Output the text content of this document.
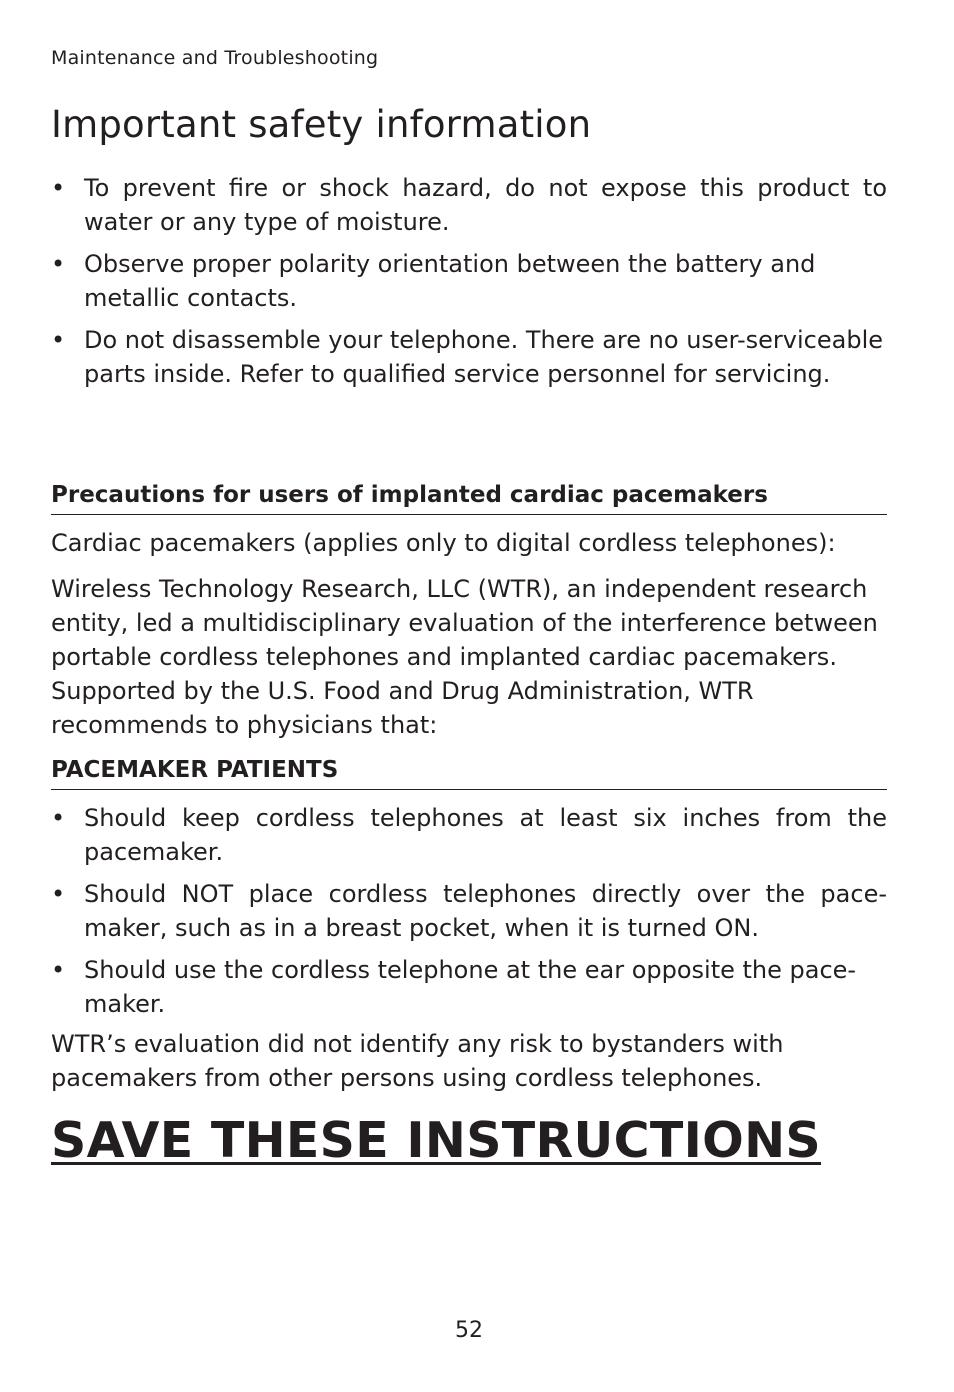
Maintenance and Troubleshooting
Important safety information
• To prevent fire or shock hazard, do not expose this product to water or any type of moisture.
• Observe proper polarity orientation between the battery and metallic contacts.
• Do not disassemble your telephone. There are no user-serviceable parts inside. Refer to qualified service personnel for servicing.
Precautions for users of implanted cardiac pacemakers

Cardiac pacemakers (applies only to digital cordless telephones):

Wireless Technology Research, LLC (WTR), an independent research entity, led a multidisciplinary evaluation of the interference between portable cordless telephones and implanted cardiac pacemakers. Supported by the U.S. Food and Drug Administration, WTR recommends to physicians that:

PACEMAKER PATIENTS
• Should keep cordless telephones at least six inches from the pacemaker.
• Should NOT place cordless telephones directly over the pace-maker, such as in a breast pocket, when it is turned ON.
• Should use the cordless telephone at the ear opposite the pace-maker.

WTR’s evaluation did not identify any risk to bystanders with pacemakers from other persons using cordless telephones.

SAVE THESE INSTRUCTIONS
52
